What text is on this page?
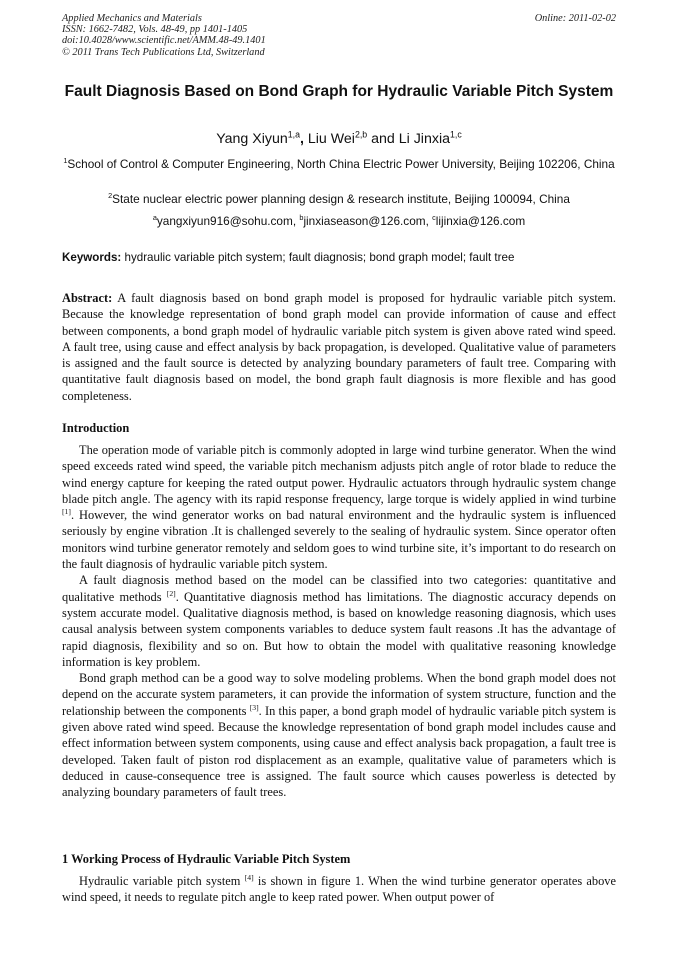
Applied Mechanics and Materials
ISSN: 1662-7482, Vols. 48-49, pp 1401-1405
doi:10.4028/www.scientific.net/AMM.48-49.1401
© 2011 Trans Tech Publications Ltd, Switzerland
Online: 2011-02-02
Fault Diagnosis Based on Bond Graph for Hydraulic Variable Pitch System
Yang Xiyun$^{1,a}$, Liu Wei$^{2,b}$ and Li Jinxia$^{1,c}$
$^1$School of Control & Computer Engineering, North China Electric Power University, Beijing 102206, China
$^2$State nuclear electric power planning design & research institute, Beijing 100094, China
$^a$yangxiyun916@sohu.com, $^b$jinxiaseason@126.com, $^c$lijinxia@126.com
Keywords: hydraulic variable pitch system; fault diagnosis; bond graph model; fault tree
Abstract: A fault diagnosis based on bond graph model is proposed for hydraulic variable pitch system. Because the knowledge representation of bond graph model can provide information of cause and effect between components, a bond graph model of hydraulic variable pitch system is given above rated wind speed. A fault tree, using cause and effect analysis by back propagation, is developed. Qualitative value of parameters is assigned and the fault source is detected by analyzing boundary parameters of fault tree. Comparing with quantitative fault diagnosis based on model, the bond graph fault diagnosis is more flexible and has good completeness.
Introduction

The operation mode of variable pitch is commonly adopted in large wind turbine generator. When the wind speed exceeds rated wind speed, the variable pitch mechanism adjusts pitch angle of rotor blade to reduce the wind energy capture for keeping the rated output power. Hydraulic actuators through hydraulic system change blade pitch angle. The agency with its rapid response frequency, large torque is widely applied in wind turbine [1]. However, the wind generator works on bad natural environment and the hydraulic system is influenced seriously by engine vibration .It is challenged severely to the sealing of hydraulic system. Since operator often monitors wind turbine generator remotely and seldom goes to wind turbine site, it’s important to do research on the fault diagnosis of hydraulic variable pitch system.

A fault diagnosis method based on the model can be classified into two categories: quantitative and qualitative methods [2]. Quantitative diagnosis method has limitations. The diagnostic accuracy depends on system accurate model. Qualitative diagnosis method, is based on knowledge reasoning diagnosis, which uses causal analysis between system components variables to deduce system fault reasons .It has the advantage of rapid diagnosis, flexibility and so on. But how to obtain the model with qualitative reasoning knowledge information is key problem.

Bond graph method can be a good way to solve modeling problems. When the bond graph model does not depend on the accurate system parameters, it can provide the information of system structure, function and the relationship between the components [3]. In this paper, a bond graph model of hydraulic variable pitch system is given above rated wind speed. Because the knowledge representation of bond graph model includes cause and effect information between system components, using cause and effect analysis back propagation, a fault tree is developed. Taken fault of piston rod displacement as an example, qualitative value of parameters which is deduced in cause-consequence tree is assigned. The fault source which causes powerless is detected by analyzing boundary parameters of fault trees.

1 Working Process of Hydraulic Variable Pitch System

Hydraulic variable pitch system [4] is shown in figure 1. When the wind turbine generator operates above wind speed, it needs to regulate pitch angle to keep rated power. When output power of
